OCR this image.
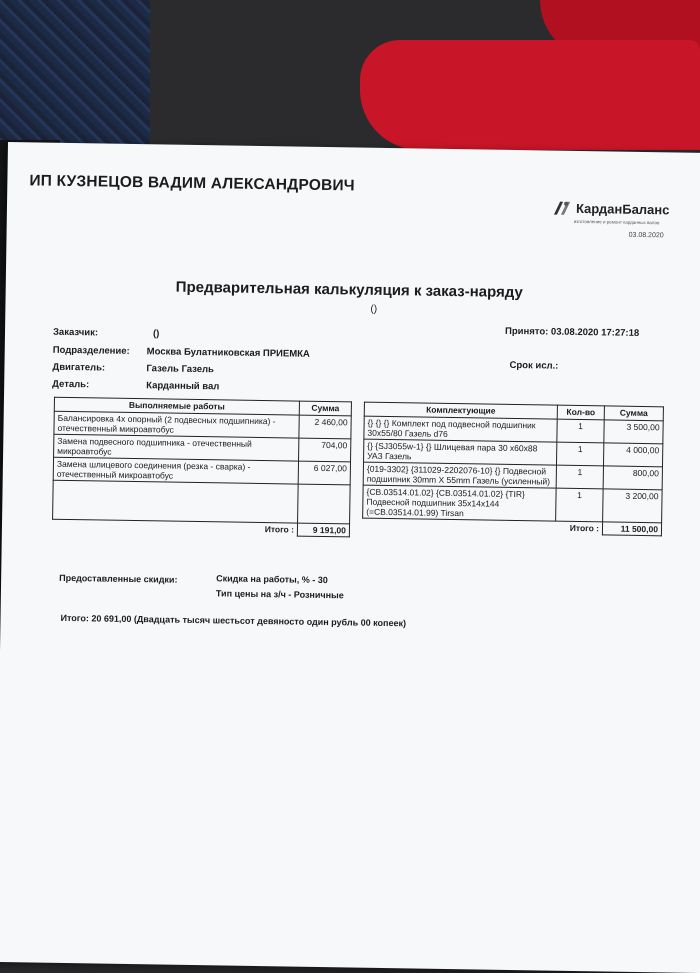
ИП КУЗНЕЦОВ ВАДИМ АЛЕКСАНДРОВИЧ
КарданБаланс
изготовление и ремонт карданных валов
03.08.2020
Предварительная калькуляция к заказ-наряду
()
Заказчик:	()
Подразделение: Москва Булатниковская ПРИЕМКА
Двигатель:	Газель Газель
Деталь:	Карданный вал
Принято: 03.08.2020 17:27:18
Срок исл.:
Выполняемые работы	Сумма
Балансировка 4х опорный (2 подвесных подшипника) - отечественный микроавтобус	2 460,00
Замена подвесного подшипника - отечественный микроавтобус	704,00
Замена шлицевого соединения (резка - сварка) - отечественный микроавтобус	6 027,00

Итого :	9 191,00
Комплектующие	Кол-во	Сумма
{} {} {} Комплект под подвесной подшипник 30x55/80 Газель d76	1	3 500,00
{} {SJ3055w-1} {} Шлицевая пара 30 x60x88 УАЗ Газель	1	4 000,00
{019-3302} {311029-2202076-10} {} Подвесной подшипник 30mm X 55mm Газель (усиленный)	1	800,00
{CB.03514.01.02} {CB.03514.01.02} {TIR} Подвесной подшипник 35x14x144 (=CB.03514.01.99) Tirsan	1	3 200,00
Итого :		11 500,00
Предоставленные скидки:	Скидка на работы, % - 30
Тип цены на з/ч - Розничные
Итого: 20 691,00 (Двадцать тысяч шестьсот девяносто один рубль 00 копеек)
